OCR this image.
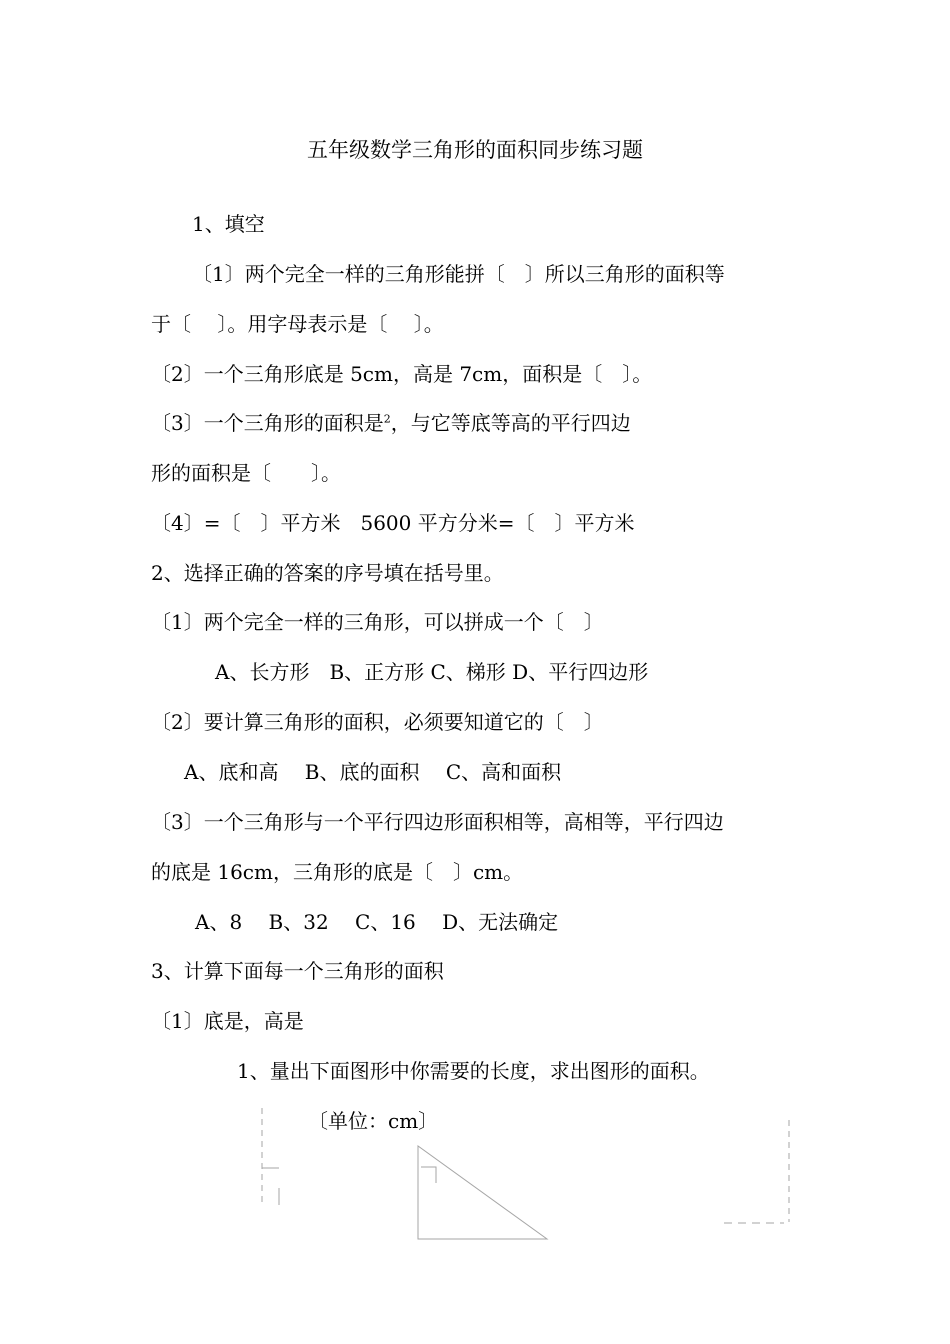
五年级数学三角形的面积同步练习题
1、填空
〔1〕两个完全一样的三角形能拼〔　〕所以三角形的面积等
于〔　 〕。用字母表示是〔　 〕。
〔2〕一个三角形底是 5cm，高是 7cm，面积是〔　〕。
〔3〕一个三角形的面积是$^2$，与它等底等高的平行四边
形的面积是〔　　〕。
〔4〕=〔　〕平方米　5600 平方分米=〔　〕平方米
2、选择正确的答案的序号填在括号里。
〔1〕两个完全一样的三角形，可以拼成一个〔　〕
A、长方形　B、正方形 C、梯形 D、平行四边形
〔2〕要计算三角形的面积，必须要知道它的〔　〕
A、底和高　 B、底的面积　 C、高和面积
〔3〕一个三角形与一个平行四边形面积相等，高相等，平行四边
的底是 16cm，三角形的底是〔　〕cm。
A、8　 B、32　 C、16　 D、无法确定
3、计算下面每一个三角形的面积
〔1〕底是，高是
1、量出下面图形中你需要的长度，求出图形的面积。
〔单位：cm〕
